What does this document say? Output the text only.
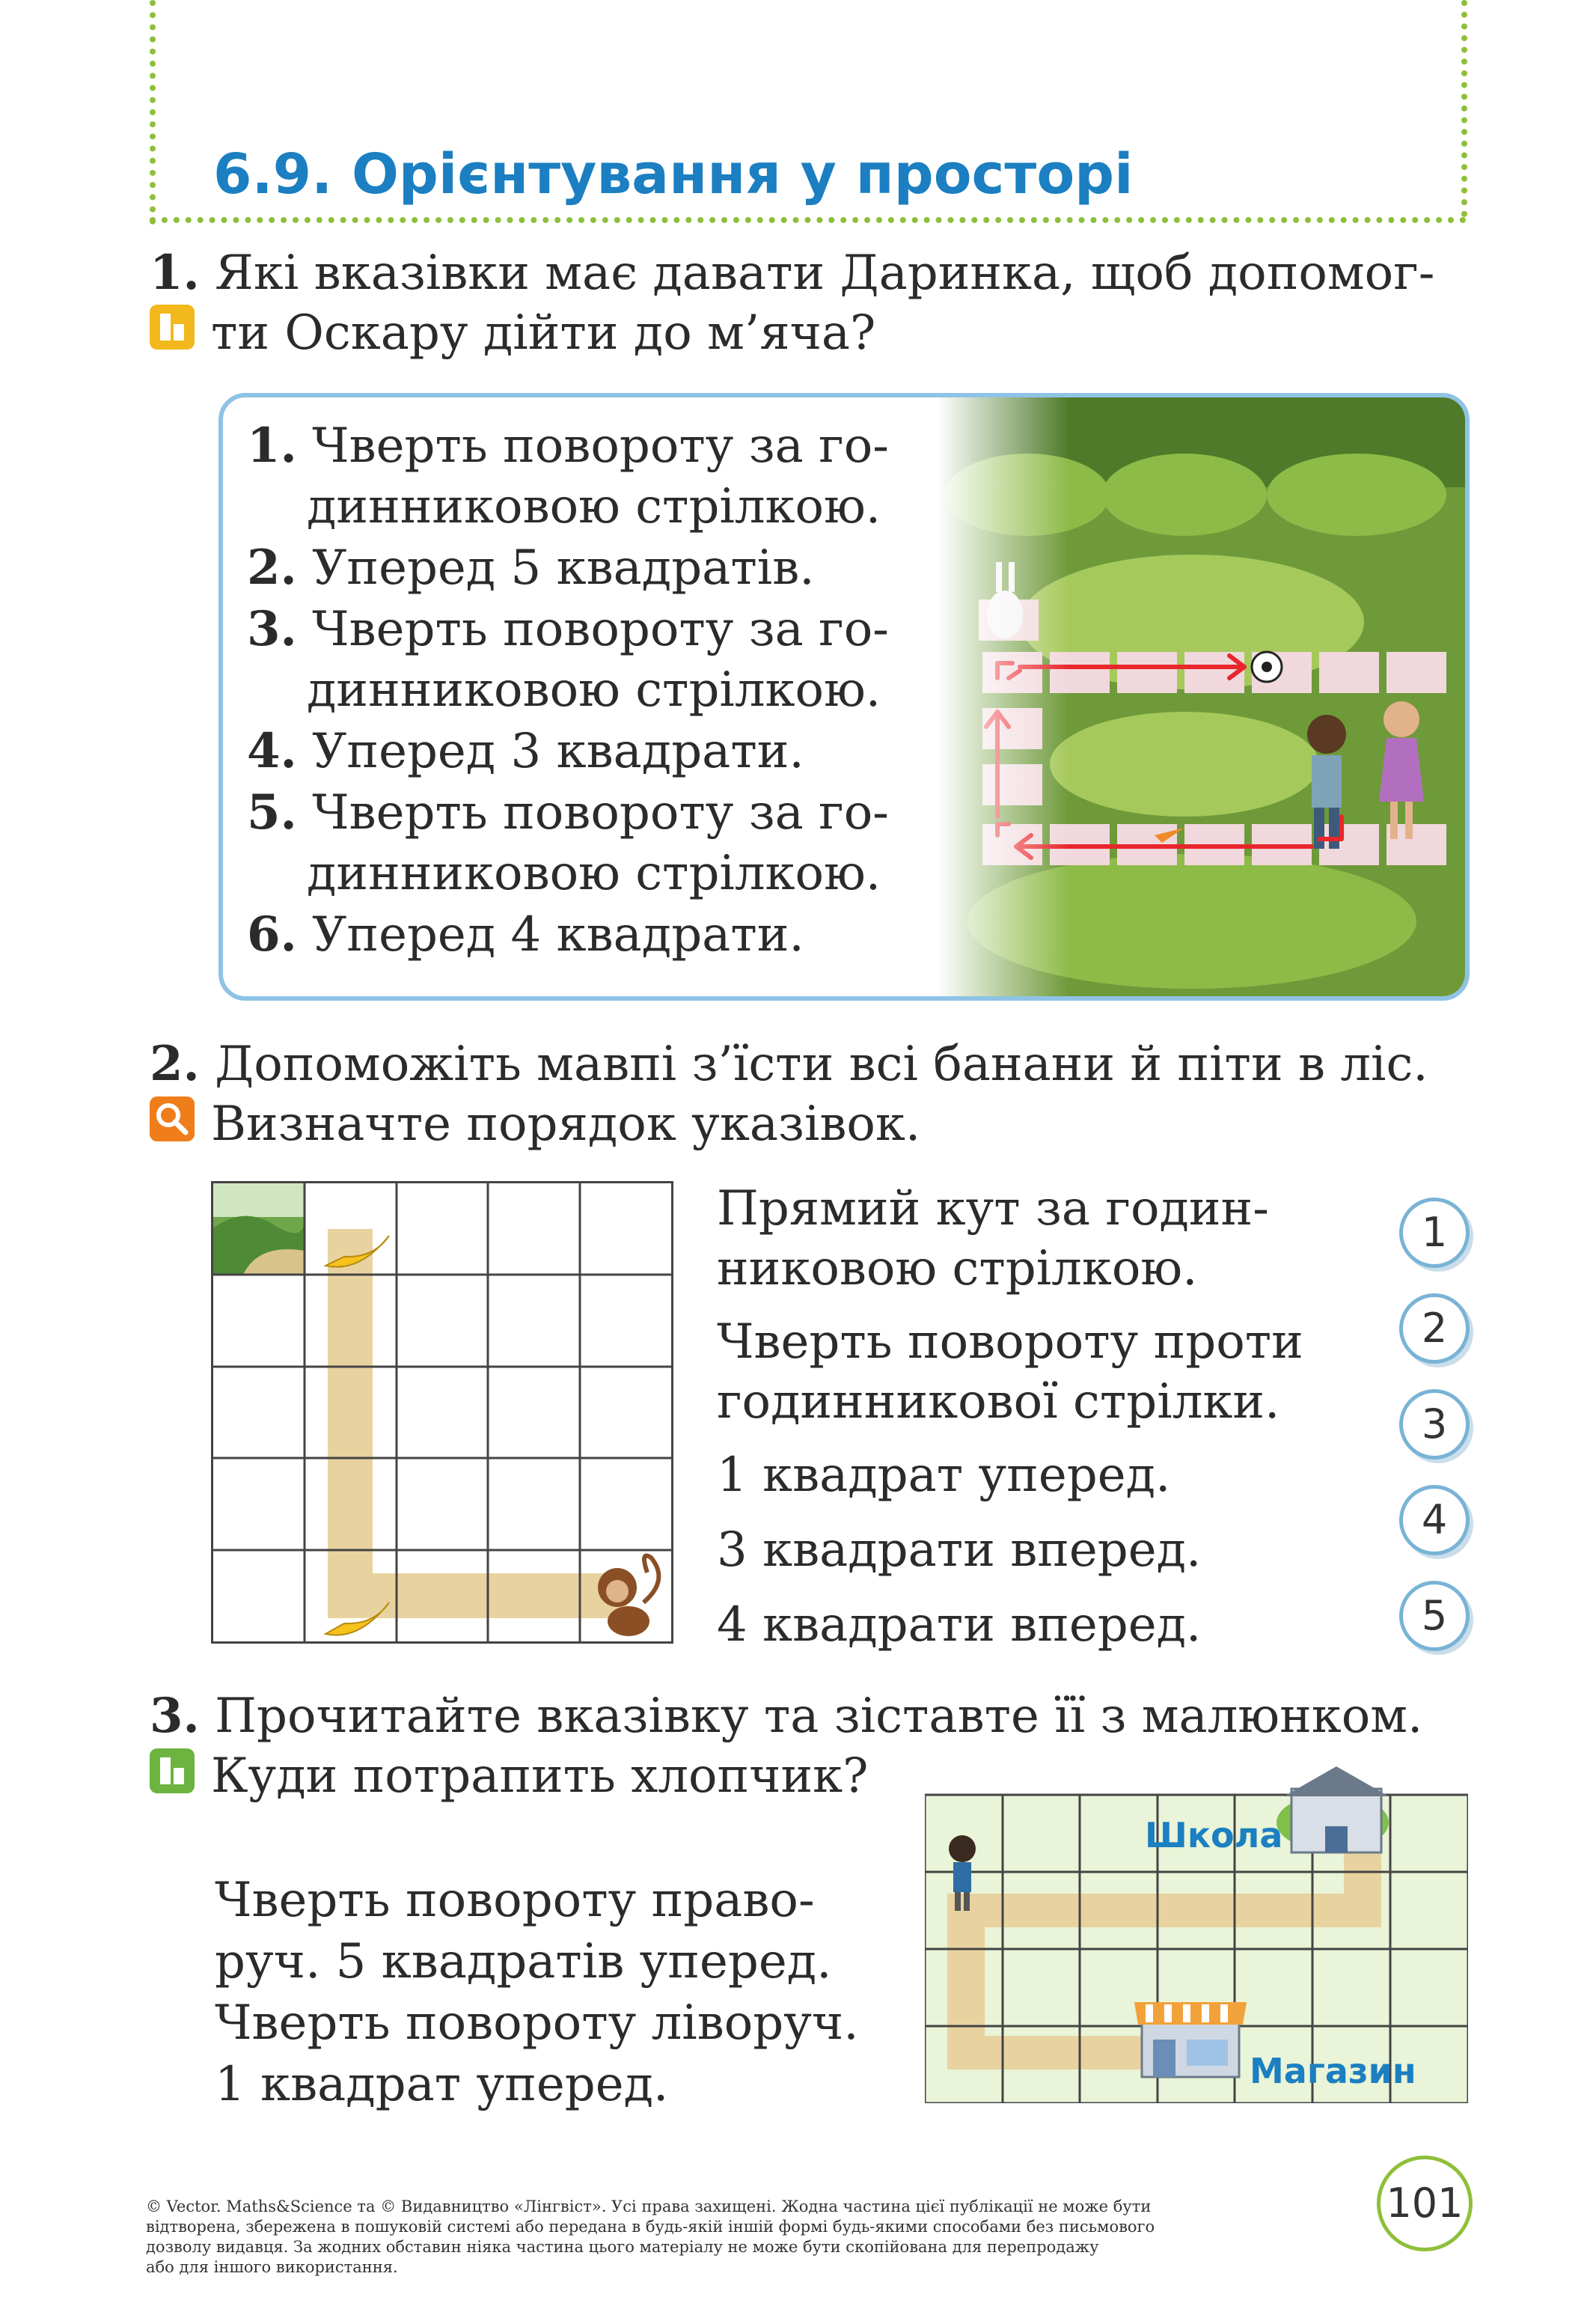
6.9. Орієнтування у просторі
1. Які вказівки має давати Даринка, щоб допомог-
ти Оскару дійти до м’яча?
1. Чверть повороту за го-
динниковою стрілкою.
2. Уперед 5 квадратів.
3. Чверть повороту за го-
динниковою стрілкою.
4. Уперед 3 квадрати.
5. Чверть повороту за го-
динниковою стрілкою.
6. Уперед 4 квадрати.
2. Допоможіть мавпі з’їсти всі банани й піти в ліс.
Визначте порядок указівок.
Прямий кут за годин-
никовою стрілкою.
Чверть повороту проти
годинникової стрілки.
1 квадрат уперед.
3 квадрати вперед.
4 квадрати вперед.
1
2
3
4
5
3. Прочитайте вказівку та зіставте її з малюнком.
Куди потрапить хлопчик?
Чверть повороту право-
руч. 5 квадратів уперед.
Чверть повороту ліворуч.
1 квадрат уперед.
Школа
Магазин
© Vector. Maths&Science та © Видавництво «Лінгвіст». Усі права захищені. Жодна частина цієї публікації не може бути
відтворена, збережена в пошуковій системі або передана в будь-якій іншій формі будь-якими способами без письмового
дозволу видавця. За жодних обставин ніяка частина цього матеріалу не може бути скопійована для перепродажу
або для іншого використання.
101
